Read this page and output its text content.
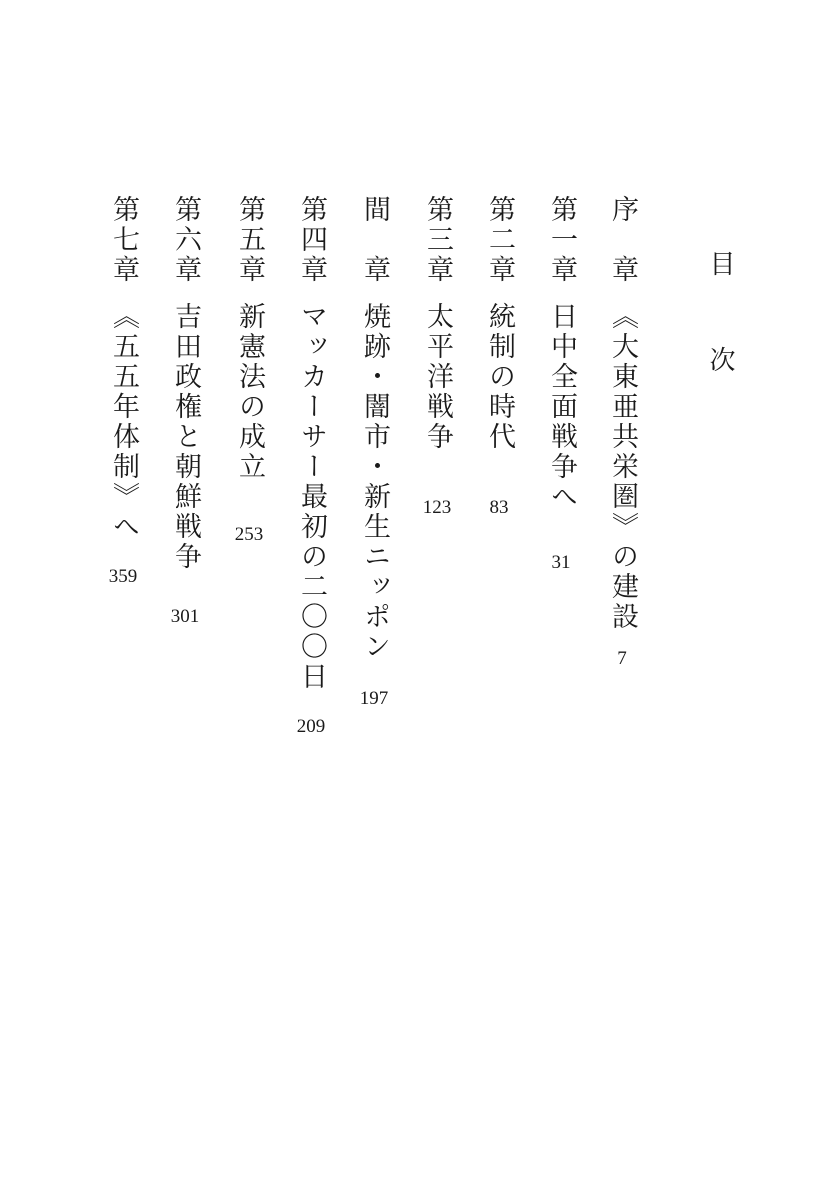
目 次
序　章
《大東亜共栄圏》の建設
7
第一章
日中全面戦争へ
31
第二章
統制の時代
83
第三章
太平洋戦争
123
間　章
焼跡・闇市・新生ニッポン
197
第四章
マッカーサー最初の二〇〇日
209
第五章
新憲法の成立
253
第六章
吉田政権と朝鮮戦争
301
第七章
《五五年体制》へ
359
